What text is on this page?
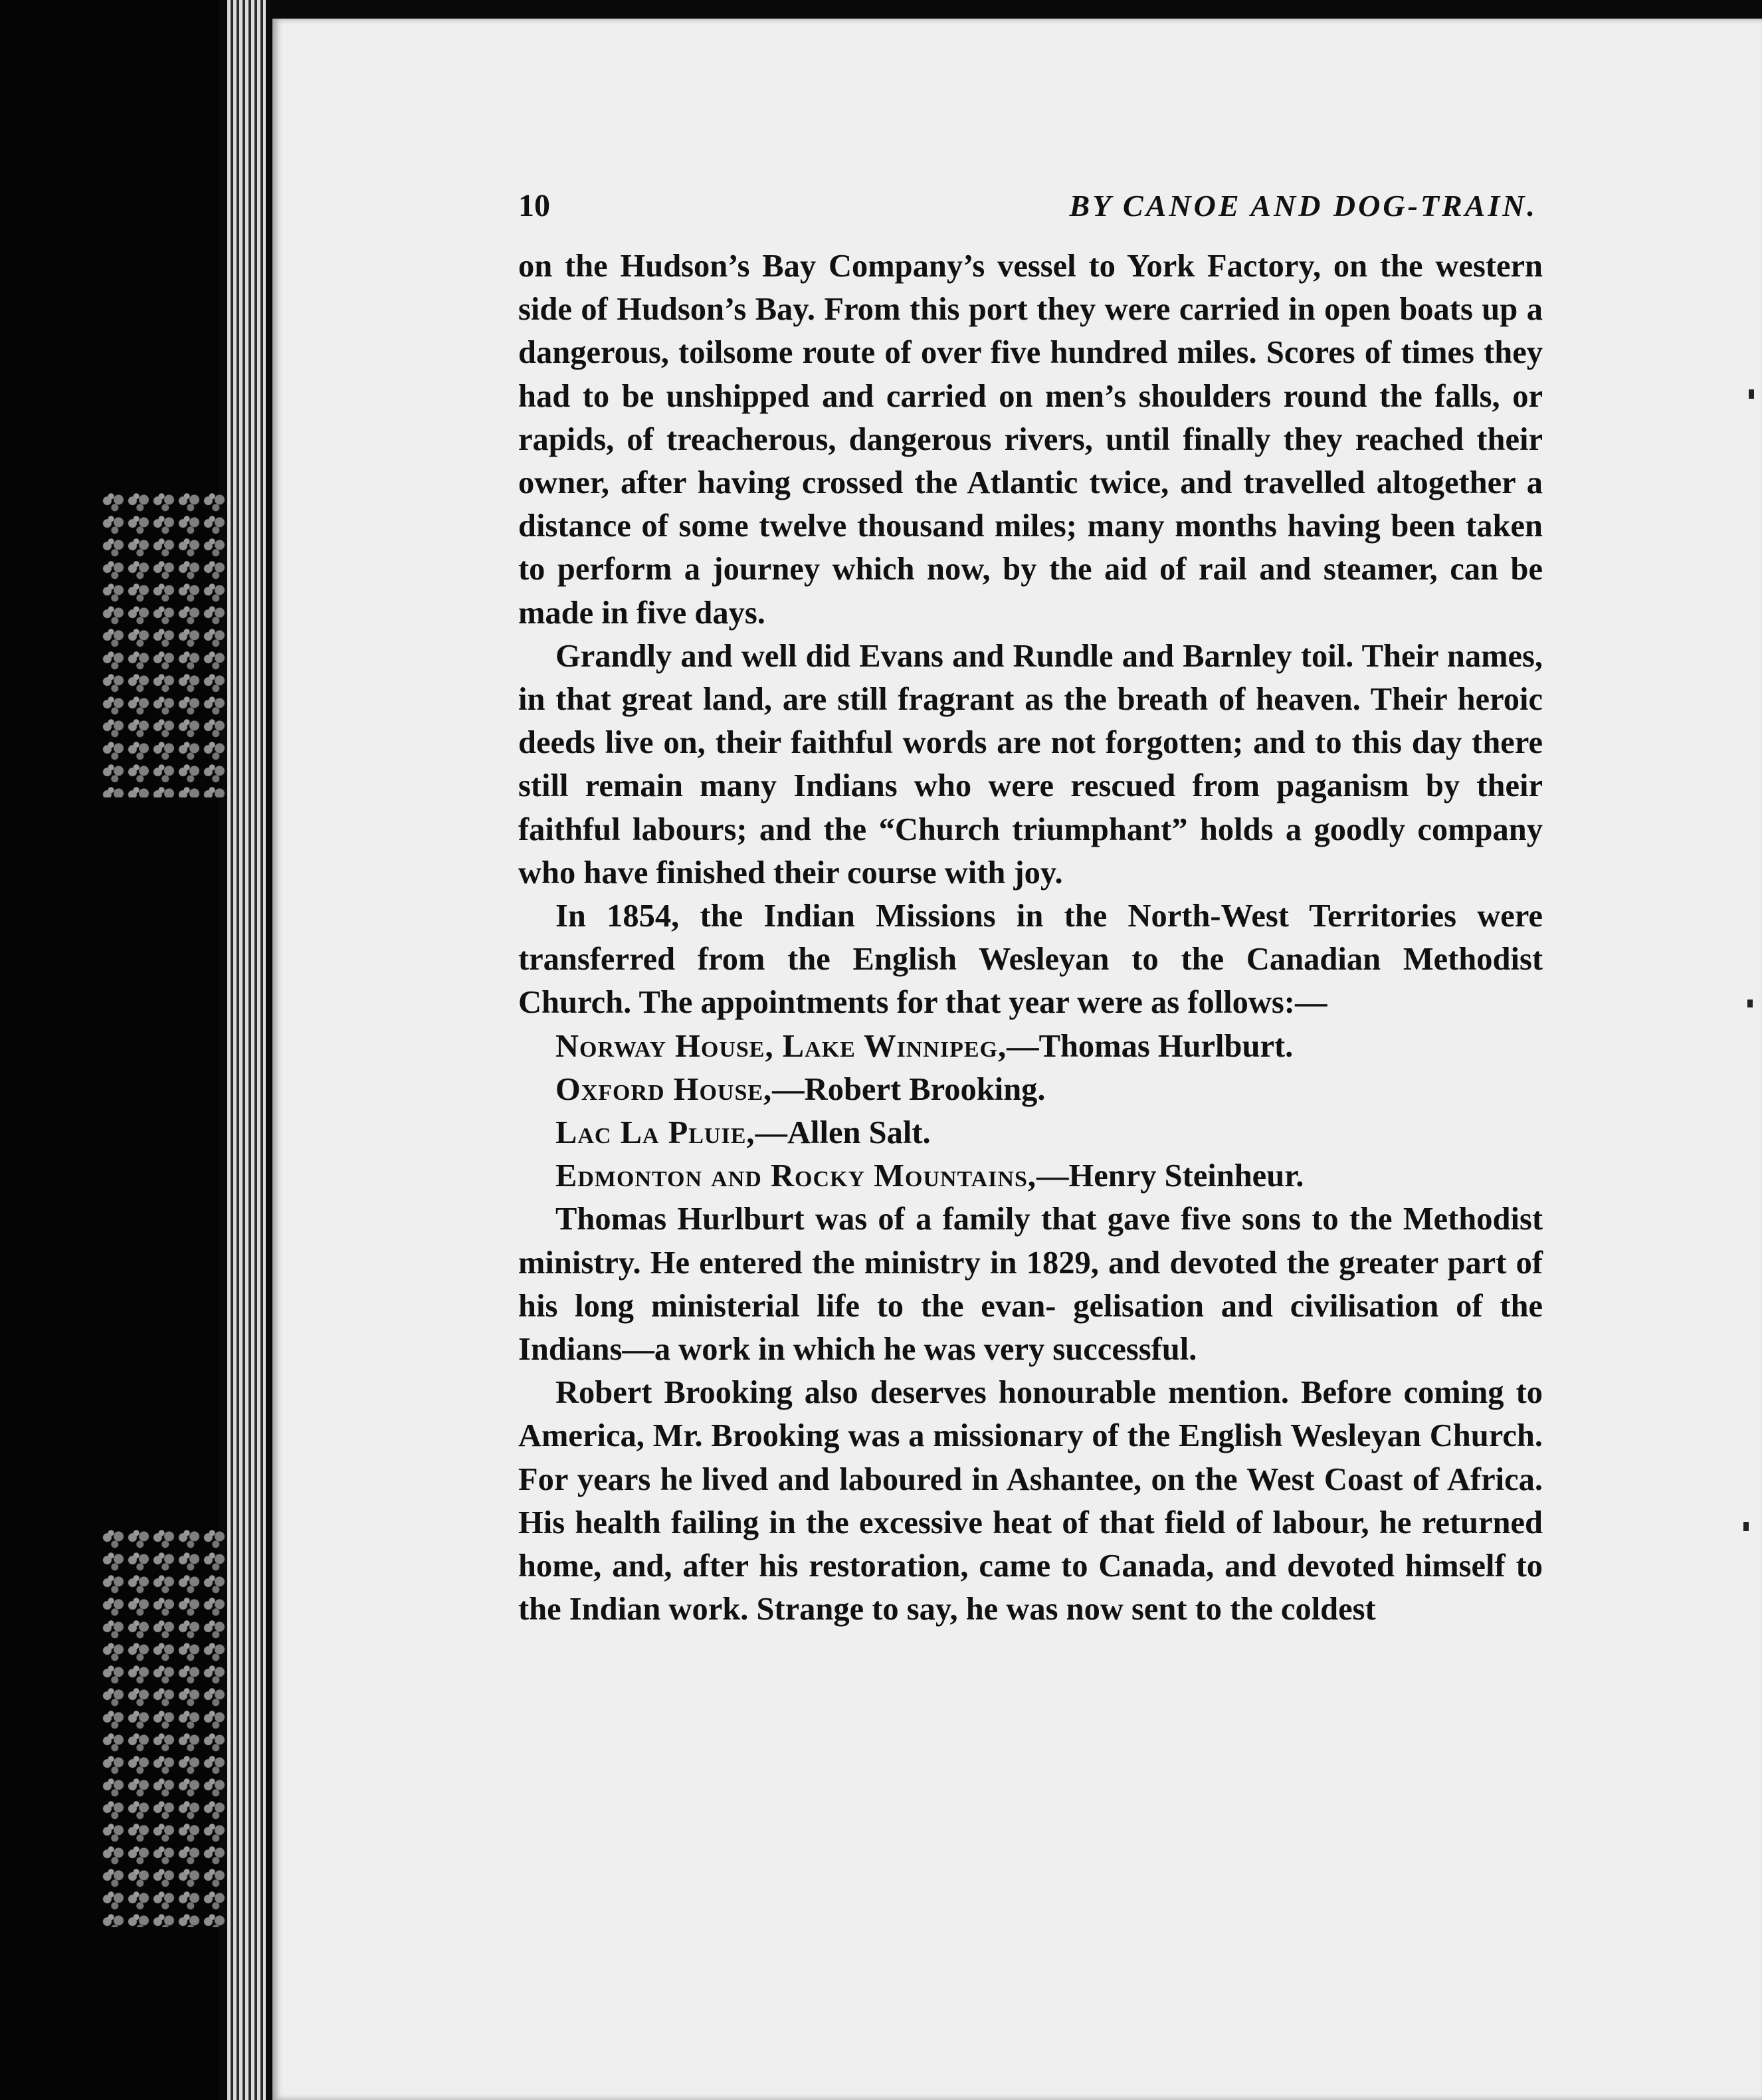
10	BY CANOE AND DOG-TRAIN.

on the Hudson’s Bay Company’s vessel to York Factory, on the western side of Hudson’s Bay. From this port they were carried in open boats up a dangerous, toilsome route of over five hundred miles. Scores of times they had to be unshipped and carried on men’s shoulders round the falls, or rapids, of treacherous, dangerous rivers, until finally they reached their owner, after having crossed the Atlantic twice, and travelled altogether a distance of some twelve thousand miles; many months having been taken to perform a journey which now, by the aid of rail and steamer, can be made in five days.

Grandly and well did Evans and Rundle and Barnley toil. Their names, in that great land, are still fragrant as the breath of heaven. Their heroic deeds live on, their faithful words are not forgotten; and to this day there still remain many Indians who were rescued from paganism by their faithful labours; and the “Church triumphant” holds a goodly company who have finished their course with joy.

In 1854, the Indian Missions in the North-West Territories were transferred from the English Wesleyan to the Canadian Methodist Church. The appointments for that year were as follows:—

Norway House, Lake Winnipeg,—Thomas Hurlburt.

Oxford House,—Robert Brooking.

Lac La Pluie,—Allen Salt.

Edmonton and Rocky Mountains,—Henry Steinheur.

Thomas Hurlburt was of a family that gave five sons to the Methodist ministry. He entered the ministry in 1829, and devoted the greater part of his long ministerial life to the evan- gelisation and civilisation of the Indians—a work in which he was very successful.

Robert Brooking also deserves honourable mention. Before coming to America, Mr. Brooking was a missionary of the English Wesleyan Church. For years he lived and laboured in Ashantee, on the West Coast of Africa. His health failing in the excessive heat of that field of labour, he returned home, and, after his restoration, came to Canada, and devoted himself to the Indian work. Strange to say, he was now sent to the coldest
